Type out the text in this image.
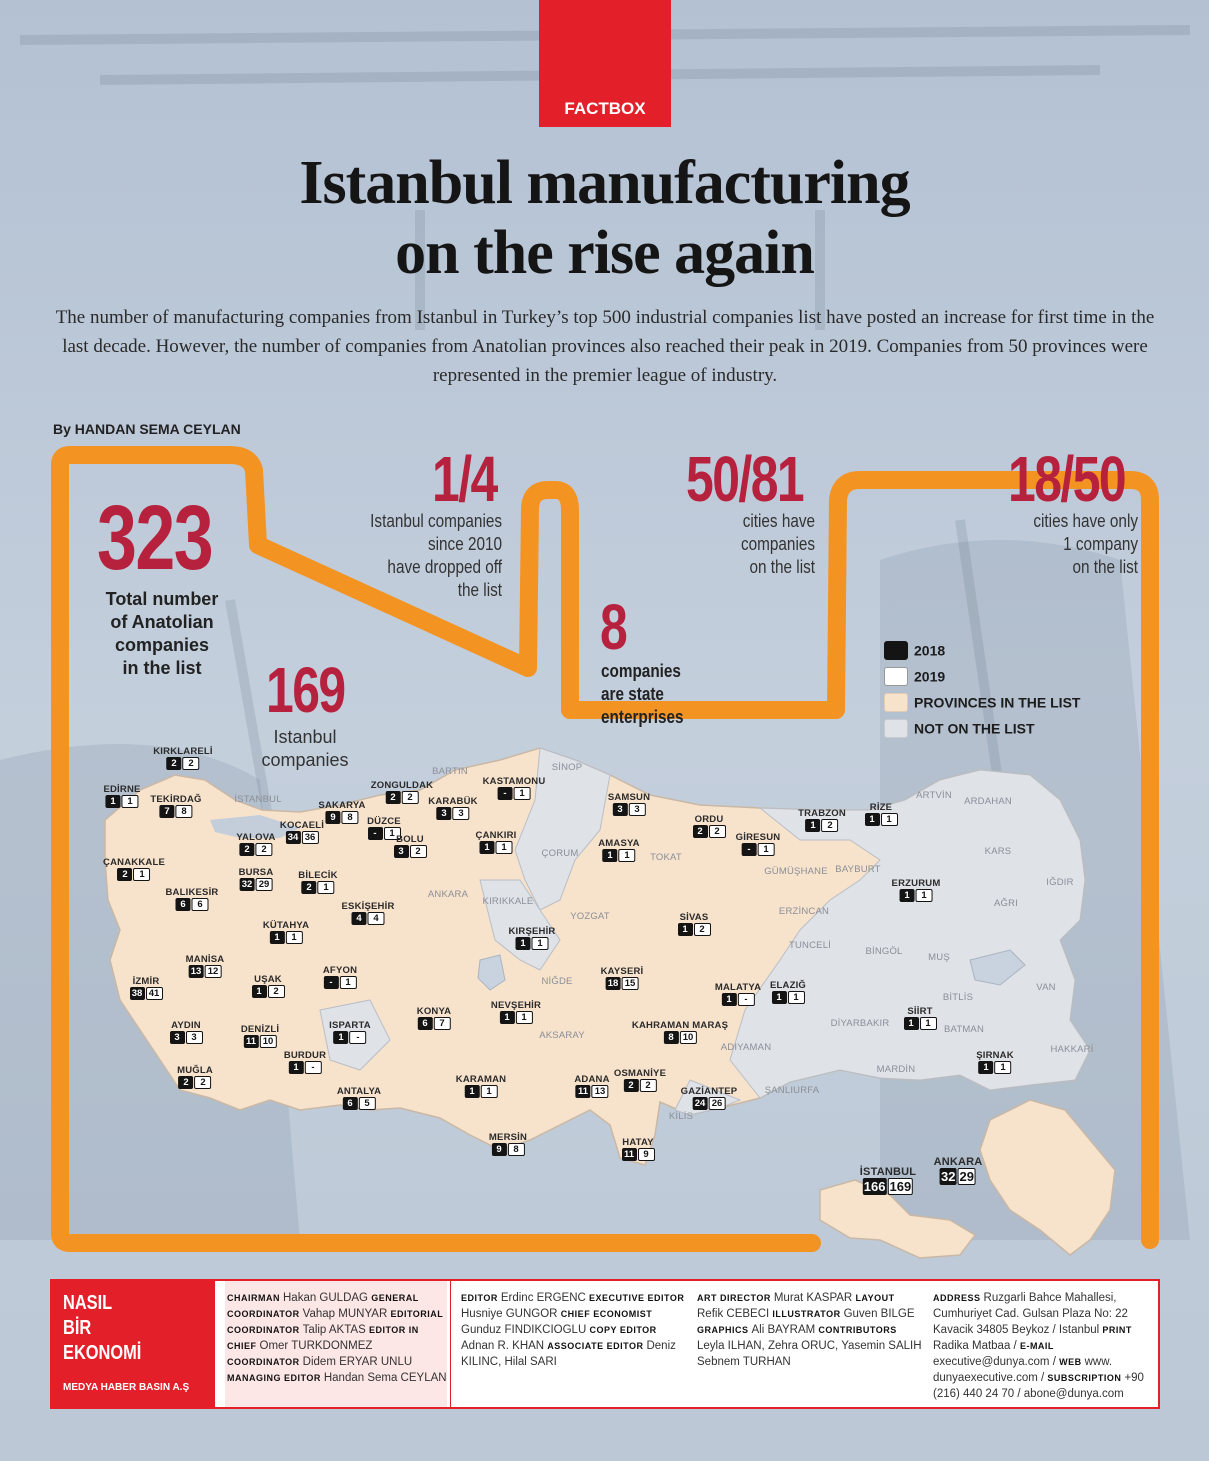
FACTBOX
Istanbul manufacturing
on the rise again
The number of manufacturing companies from Istanbul in Turkey’s top 500 industrial companies list have posted an increase for first time in the last decade. However, the number of companies from Anatolian provinces also reached their peak in 2019. Companies from 50 provinces were represented in the premier league of industry.
By HANDAN SEMA CEYLAN
323
Total number
of Anatolian
companies
in the list	169
Istanbul
companies
1/4
Istanbul companies
since 2010
have dropped off
the list
8
companies
are state
enterprises
50/81
cities have
companies
on the list
18/50
cities have only
1 company
on the list
2018
2019
PROVINCES IN THE LIST
NOT ON THE LIST
KIRKLARELİ
2 2
EDİRNE
1 1	TEKİRDAĞ
7 8
İSTANBUL
SAKARYA
9 8
ZONGULDAK
2 2
BARTIN
KASTAMONU
- 1
SİNOP
SAMSUN
3 3
ORDU
2 2
TRABZON
1 2
RİZE
1 1
ARTVİN
ARDAHAN
KOCAELİ
34 36
DÜZCE
- 1
KARABÜK
3 3
YALOVA
2 2
BOLU
3 2
ÇANKIRI
1 1	AMASYA
1 1
GİRESUN
- 1
ÇANAKKALE
2 1	BURSA
32 29
BİLECİK
2 1
ÇORUM	TOKAT
GÜMÜŞHANE BAYBURT
KARS
BALIKESİR
6 6	ESKİŞEHİR
4 4
ANKARA
KIRIKKALE
YOZGAT
ERZURUM
1 1
IĞDIR
AĞRI
ERZİNCAN
KÜTAHYA
1 1
KIRŞEHİR
1 1
SİVAS
1 2
TUNCELİ
BİNGÖL
MUŞ
MANİSA
13 12	AFYON
- 1	NİĞDE
KAYSERİ
18 15	MALATYA
1 -
ELAZIĞ
1 1	BİTLİS
VAN
İZMİR
38 41
UŞAK
1 2
NEVŞEHİR
1 1
AYDIN
3 3
DENİZLİ
11 10
ISPARTA
1 -
KONYA
6 7
AKSARAY
KAHRAMAN MARAŞ
8 10
ADIYAMAN
DİYARBAKIR
SİİRT
1 1
BATMAN
HAKKARİ
BURDUR
1 -
MUĞLA
2 2
ANTALYA
6 5
KARAMAN
1 1
ADANA
11 13
OSMANİYE
2 2
GAZİANTEP
24 26
KİLİS
ŞANLIURFA
MARDİN
ŞIRNAK
1 1
MERSİN
9 8
HATAY
11 9
İSTANBUL
166 169
ANKARA
32 29
NASIL
BİR
EKONOMİ
MEDYA HABER BASIN A.Ş
CHAIRMAN Hakan GULDAG GENERAL COORDINATOR Vahap MUNYAR EDITORIAL COORDINATOR Talip AKTAS EDITOR IN CHIEF Omer TURKDONMEZ COORDINATOR Didem ERYAR UNLU MANAGING EDITOR Handan Sema CEYLAN
EDITOR Erdinc ERGENC EXECUTIVE EDITOR Husniye GUNGOR CHIEF ECONOMIST Gunduz FINDIKCIOGLU COPY EDITOR Adnan R. KHAN ASSOCIATE EDITOR Deniz KILINC, Hilal SARI
ART DIRECTOR Murat KASPAR LAYOUT Refik CEBECI ILLUSTRATOR Guven BILGE GRAPHICS Ali BAYRAM CONTRIBUTORS Leyla ILHAN, Zehra ORUC, Yasemin SALIH Sebnem TURHAN
ADDRESS Ruzgarli Bahce Mahallesi, Cumhuriyet Cad. Gulsan Plaza No: 22 Kavacik 34805 Beykoz / Istanbul PRINT Radika Matbaa / E-MAIL executive@dunya.com / WEB www. dunyaexecutive.com / SUBSCRIPTION +90 (216) 440 24 70 / abone@dunya.com
